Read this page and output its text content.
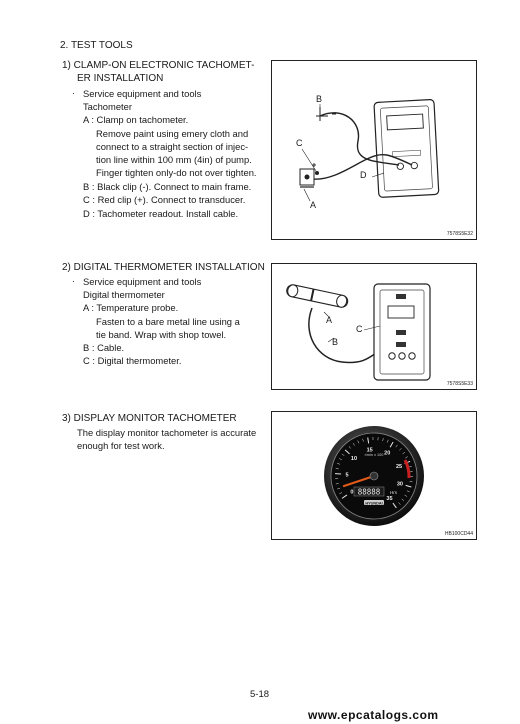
2. TEST TOOLS
1) CLAMP-ON ELECTRONIC TACHOMET-
ER INSTALLATION
· Service equipment and tools
Tachometer
A : Clamp on tachometer.
Remove paint using emery cloth and
connect to a straight section of injec-
tion line within 100 mm (4in) of pump.
Finger tighten only-do not over tighten.
B : Black clip (-). Connect to main frame.
C : Red clip (+). Connect to transducer.
D : Tachometer readout. Install cable.
B
C
D
A
7578S5E32
2) DIGITAL THERMOMETER INSTALLATION
· Service equipment and tools
Digital thermometer
A : Temperature probe.
Fasten to a bare metal line using a
tie band. Wrap with shop towel.
B : Cable.
C : Digital thermometer.
A
B
C
7578S5E33
3) DISPLAY MONITOR TACHOMETER
The display monitor tachometer is accurate
enough for test work.
0
5
10
15
20
25
30
35
88888 Hrs
r/min x 100
HYUNDAI
HB100CD44
5-18
www.epcatalogs.com
